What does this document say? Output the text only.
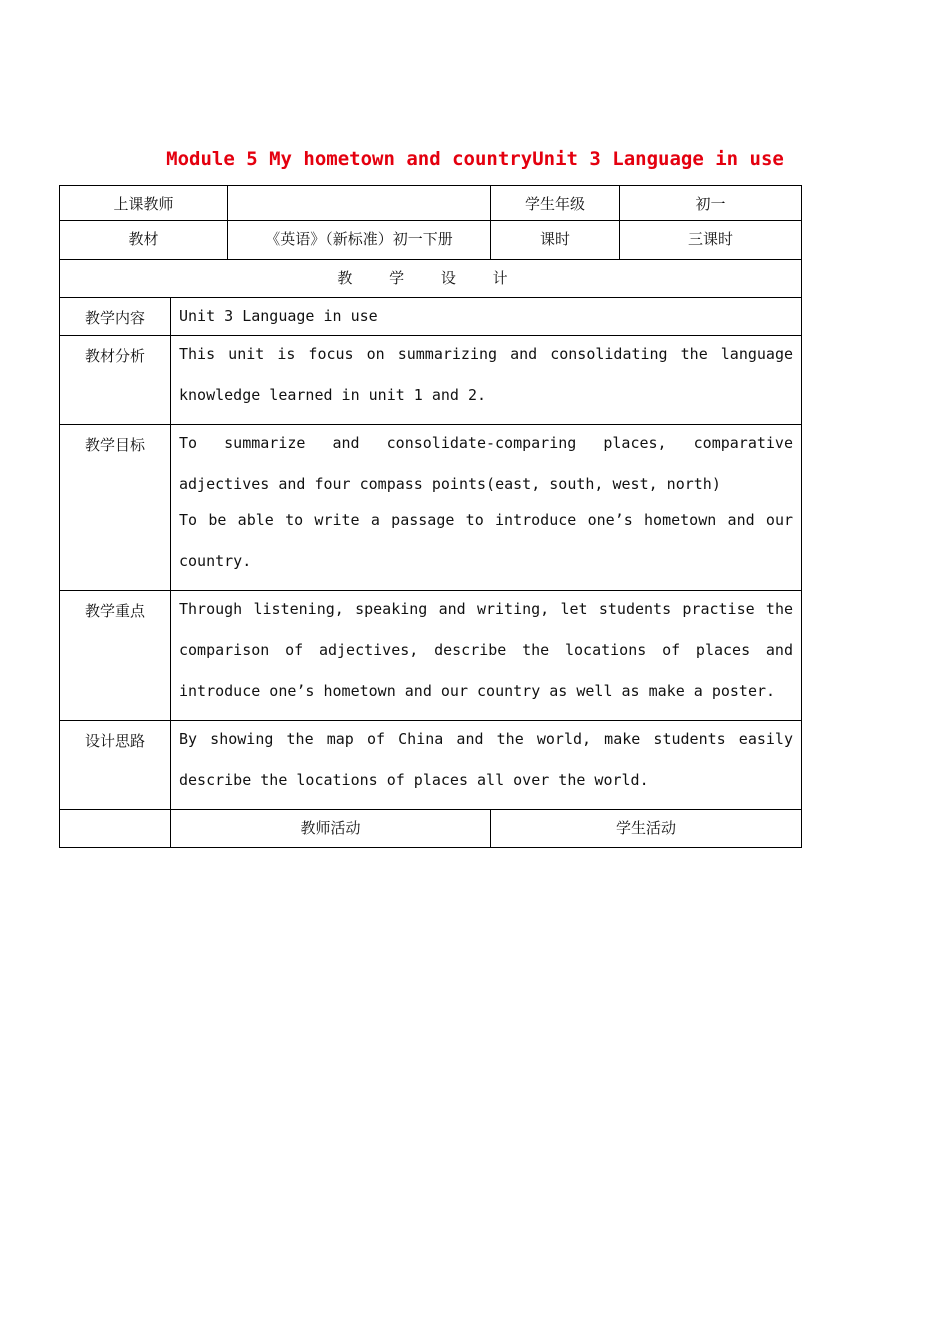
Module 5 My hometown and countryUnit 3 Language in use
上课教师			学生年级	初一
教材		《英语》（新标准）初一下册	课时	三课时
教 学 设 计				
教学内容	Unit 3 Language in use			
教材分析	This unit is focus on summarizing and consolidating the language knowledge learned in unit 1 and 2.			

教学目标	To summarize and consolidate-comparing places, comparative adjectives and four compass points(east, south, west, north)

To be able to write a passage to introduce one’s hometown and our country.			

教学重点	Through listening, speaking and writing, let students practise the comparison of adjectives, describe the locations of places and introduce one’s hometown and our country as well as make a poster.			

设计思路	By showing the map of China and the world, make students easily describe the locations of places all over the world.			

	教师活动		学生活动	
